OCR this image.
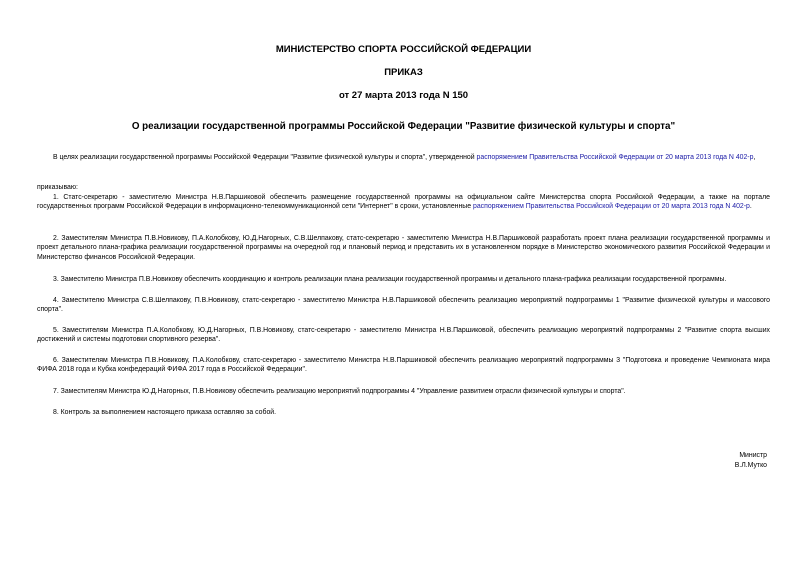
МИНИСТЕРСТВО СПОРТА РОССИЙСКОЙ ФЕДЕРАЦИИ
ПРИКАЗ
от 27 марта 2013 года N 150
О реализации государственной программы Российской Федерации "Развитие физической культуры и спорта"
В целях реализации государственной программы Российской Федерации "Развитие физической культуры и спорта", утвержденной распоряжением Правительства Российской Федерации от 20 марта 2013 года N 402-р,
приказываю:
1. Статс-секретарю - заместителю Министра Н.В.Паршиковой обеспечить размещение государственной программы на официальном сайте Министерства спорта Российской Федерации, а также на портале государственных программ Российской Федерации в информационно-телекоммуникационной сети "Интернет" в сроки, установленные распоряжением Правительства Российской Федерации от 20 марта 2013 года N 402-р.
2. Заместителям Министра П.В.Новикову, П.А.Колобкову, Ю.Д.Нагорных, С.В.Шелпакову, статс-секретарю - заместителю Министра Н.В.Паршиковой разработать проект плана реализации государственной программы и проект детального плана-графика реализации государственной программы на очередной год и плановый период и представить их в установленном порядке в Министерство экономического развития Российской Федерации и Министерство финансов Российской Федерации.
3. Заместителю Министра П.В.Новикову обеспечить координацию и контроль реализации плана реализации государственной программы и детального плана-графика реализации государственной программы.
4. Заместителю Министра С.В.Шелпакову, П.В.Новикову, статс-секретарю - заместителю Министра Н.В.Паршиковой обеспечить реализацию мероприятий подпрограммы 1 "Развитие физической культуры и массового спорта".
5. Заместителям Министра П.А.Колобкову, Ю.Д.Нагорных, П.В.Новикову, статс-секретарю - заместителю Министра Н.В.Паршиковой, обеспечить реализацию мероприятий подпрограммы 2 "Развитие спорта высших достижений и системы подготовки спортивного резерва".
6. Заместителям Министра П.В.Новикову, П.А.Колобкову, статс-секретарю - заместителю Министра Н.В.Паршиковой обеспечить реализацию мероприятий подпрограммы 3 "Подготовка и проведение Чемпионата мира ФИФА 2018 года и Кубка конфедераций ФИФА 2017 года в Российской Федерации".
7. Заместителям Министра Ю.Д.Нагорных, П.В.Новикову обеспечить реализацию мероприятий подпрограммы 4 "Управление развитием отрасли физической культуры и спорта".
8. Контроль за выполнением настоящего приказа оставляю за собой.
Министр
В.Л.Мутко
